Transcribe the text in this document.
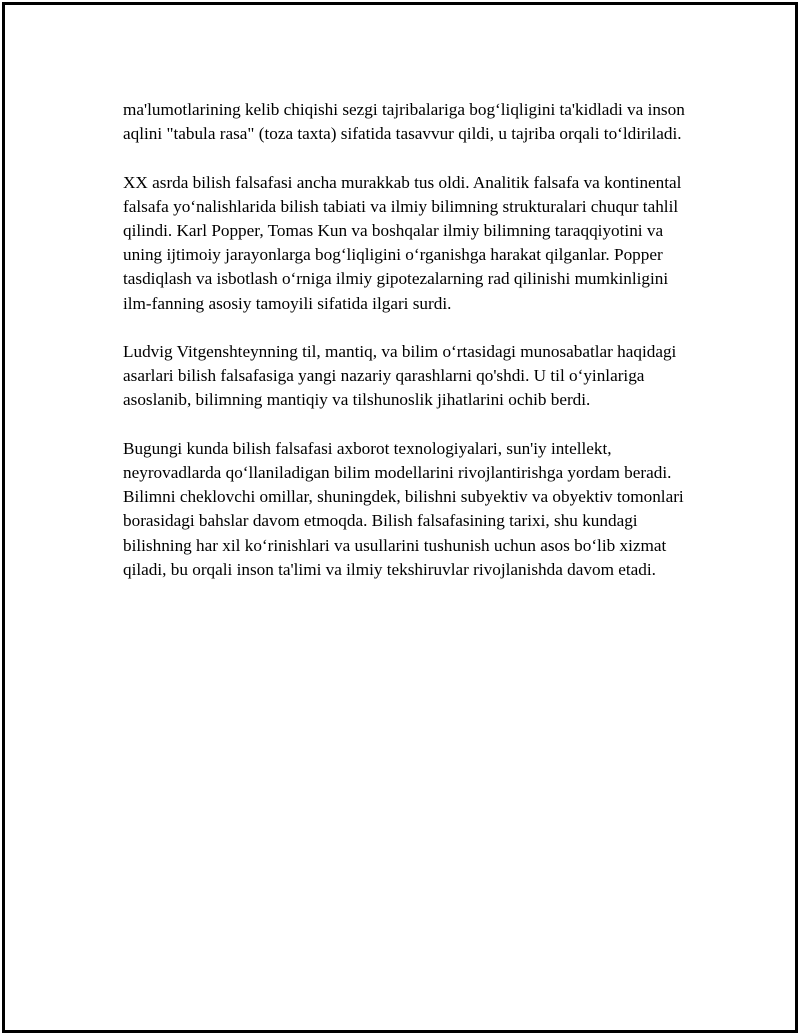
ma'lumotlarining kelib chiqishi sezgi tajribalariga bog‘liqligini ta'kidladi va inson aqlini "tabula rasa" (toza taxta) sifatida tasavvur qildi, u tajriba orqali to‘ldiriladi.

XX asrda bilish falsafasi ancha murakkab tus oldi. Analitik falsafa va kontinental falsafa yo‘nalishlarida bilish tabiati va ilmiy bilimning strukturalari chuqur tahlil qilindi. Karl Popper, Tomas Kun va boshqalar ilmiy bilimning taraqqiyotini va uning ijtimoiy jarayonlarga bog‘liqligini o‘rganishga harakat qilganlar. Popper tasdiqlash va isbotlash o‘rniga ilmiy gipotezalarning rad qilinishi mumkinligini ilm-fanning asosiy tamoyili sifatida ilgari surdi.

Ludvig Vitgenshteynning til, mantiq, va bilim o‘rtasidagi munosabatlar haqidagi asarlari bilish falsafasiga yangi nazariy qarashlarni qo'shdi. U til o‘yinlariga asoslanib, bilimning mantiqiy va tilshunoslik jihatlarini ochib berdi.

Bugungi kunda bilish falsafasi axborot texnologiyalari, sun'iy intellekt, neyrovadlarda qo‘llaniladigan bilim modellarini rivojlantirishga yordam beradi. Bilimni cheklovchi omillar, shuningdek, bilishni subyektiv va obyektiv tomonlari borasidagi bahslar davom etmoqda. Bilish falsafasining tarixi, shu kundagi bilishning har xil ko‘rinishlari va usullarini tushunish uchun asos bo‘lib xizmat qiladi, bu orqali inson ta'limi va ilmiy tekshiruvlar rivojlanishda davom etadi.
